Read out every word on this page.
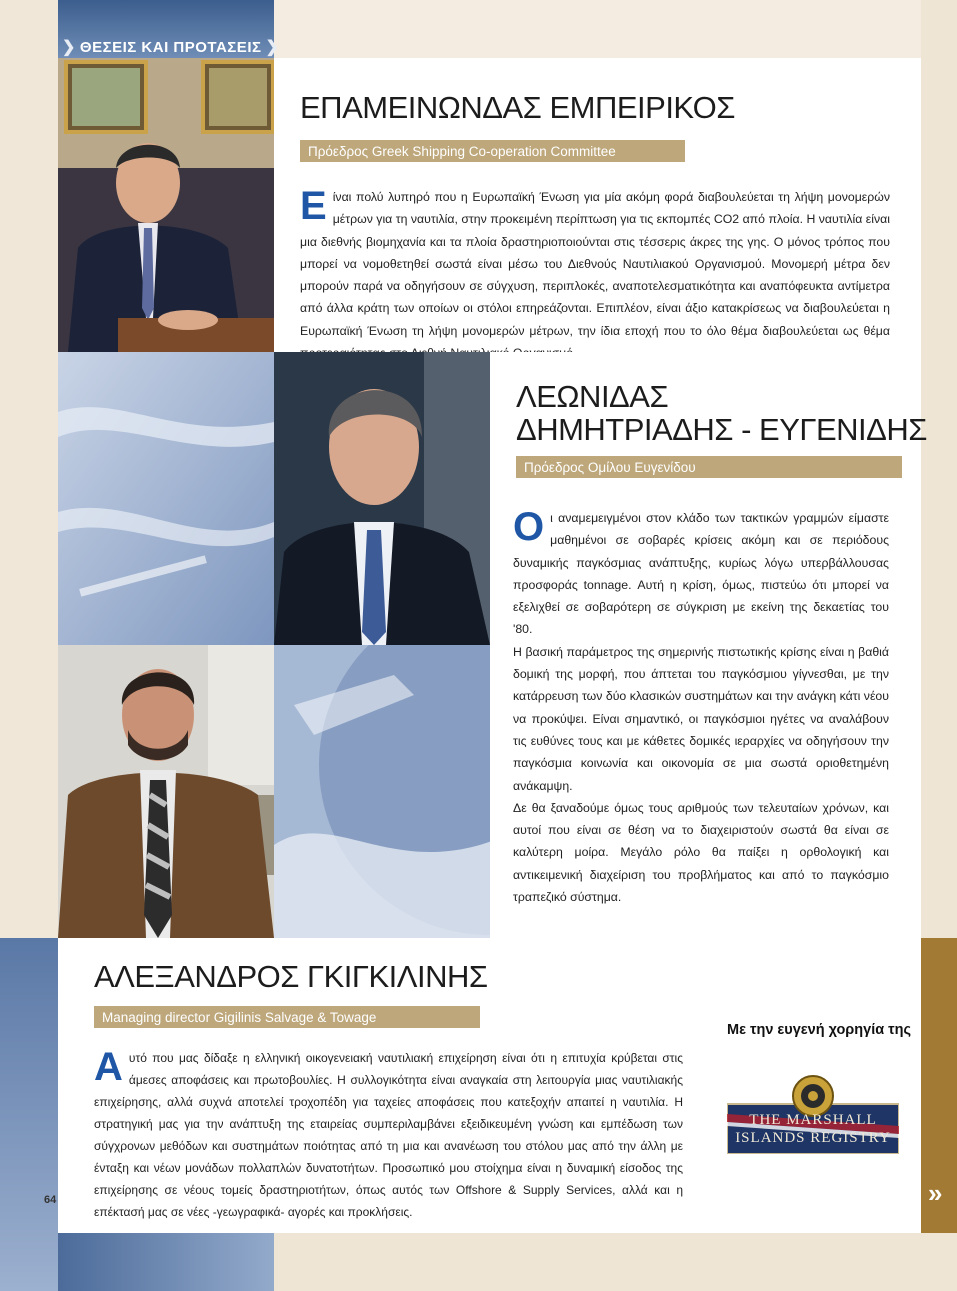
❯ ΘΕΣΕΙΣ ΚΑΙ ΠΡΟΤΑΣΕΙΣ ❯
ΕΠΑΜΕΙΝΩΝΔΑΣ ΕΜΠΕΙΡΙΚΟΣ
Πρόεδρος Greek Shipping Co-operation Committee
Είναι πολύ λυπηρό που η Ευρωπαϊκή Ένωση για μία ακόμη φορά διαβουλεύεται τη λήψη μονομερών μέτρων για τη ναυτιλία, στην προκειμένη περίπτωση για τις εκπομπές CO2 από πλοία. Η ναυτιλία είναι μια διεθνής βιομηχανία και τα πλοία δραστηριοποιούνται στις τέσσερις άκρες της γης. Ο μόνος τρόπος που μπορεί να νομοθετηθεί σωστά είναι μέσω του Διεθνούς Ναυτιλιακού Οργανισμού. Μονομερή μέτρα δεν μπορούν παρά να οδηγήσουν σε σύγχυση, περιπλοκές, αναποτελεσματικότητα και αναπόφευκτα αντίμετρα από άλλα κράτη των οποίων οι στόλοι επηρεάζονται. Επιπλέον, είναι άξιο κατακρίσεως να διαβουλεύεται η Ευρωπαϊκή Ένωση τη λήψη μονομερών μέτρων, την ίδια εποχή που το όλο θέμα διαβουλεύεται ως θέμα
ΛΕΩΝΙΔΑΣ
ΔΗΜΗΤΡΙΑΔΗΣ - ΕΥΓΕΝΙΔΗΣ
Πρόεδρος Ομίλου Ευγενίδου
Οι αναμεμειγμένοι στον κλάδο των τακτικών γραμμών είμαστε μαθημένοι σε σοβαρές κρίσεις ακόμη και σε περιόδους δυναμικής παγκόσμιας ανάπτυξης, κυρίως λόγω υπερβάλλουσας προσφοράς tonnage. Αυτή η κρίση, όμως, πιστεύω ότι μπορεί να εξελιχθεί σε σοβαρότερη σε σύγκριση με εκείνη της δεκαετίας του '80.
Η βασική παράμετρος της σημερινής πιστωτικής κρίσης είναι η βαθιά δομική της μορφή, που άπτεται του παγκόσμιου γίγνεσθαι, με την κατάρρευση των δύο κλασικών συστημάτων και την ανάγκη κάτι νέου να προκύψει. Είναι σημαντικό, οι παγκόσμιοι ηγέτες να αναλάβουν τις ευθύνες τους και με κάθετες δομικές ιεραρχίες να οδηγήσουν την παγκόσμια κοινωνία και οικονομία σε μια σωστά οριοθετημένη ανάκαμψη.
Δε θα ξαναδούμε όμως τους αριθμούς των τελευταίων χρόνων, και αυτοί που είναι σε θέση να το διαχειριστούν σωστά θα είναι σε καλύτερη μοίρα. Μεγάλο ρόλο θα παίξει η ορθολογική και αντικειμενική διαχείριση του προβλήματος και από το παγκόσμιο τραπεζικό σύστημα.
ΑΛΕΞΑΝΔΡΟΣ ΓΚΙΓΚΙΛΙΝΗΣ
Managing director Gigilinis Salvage & Towage
Αυτό που μας δίδαξε η ελληνική οικογενειακή ναυτιλιακή επιχείρηση είναι ότι η επιτυχία κρύβεται στις άμεσες αποφάσεις και πρωτοβουλίες. Η συλλογικότητα είναι αναγκαία στη λειτουργία μιας ναυτιλιακής επιχείρησης, αλλά συχνά αποτελεί τροχοπέδη για ταχείες αποφάσεις που κατεξοχήν απαιτεί η ναυτιλία. Η στρατηγική μας για την ανάπτυξη της εταιρείας συμπεριλαμβάνει εξειδικευμένη γνώση και εμπέδωση των σύγχρονων μεθόδων και συστημάτων ποιότητας από τη μια και ανανέωση του στόλου μας από την άλλη με ένταξη και νέων μονάδων πολλαπλών δυνατοτήτων. Προσωπικό μου στοίχημα είναι η δυναμική είσοδος της επιχείρησης σε νέους τομείς δραστηριοτήτων, όπως αυτός των Offshore & Supply Services, αλλά και η επέκτασή μας σε νέες -γεωγραφικά- αγορές και προκλήσεις.
Με την ευγενή χορηγία της
THE MARSHALL
ISLANDS REGISTRY
»
64
